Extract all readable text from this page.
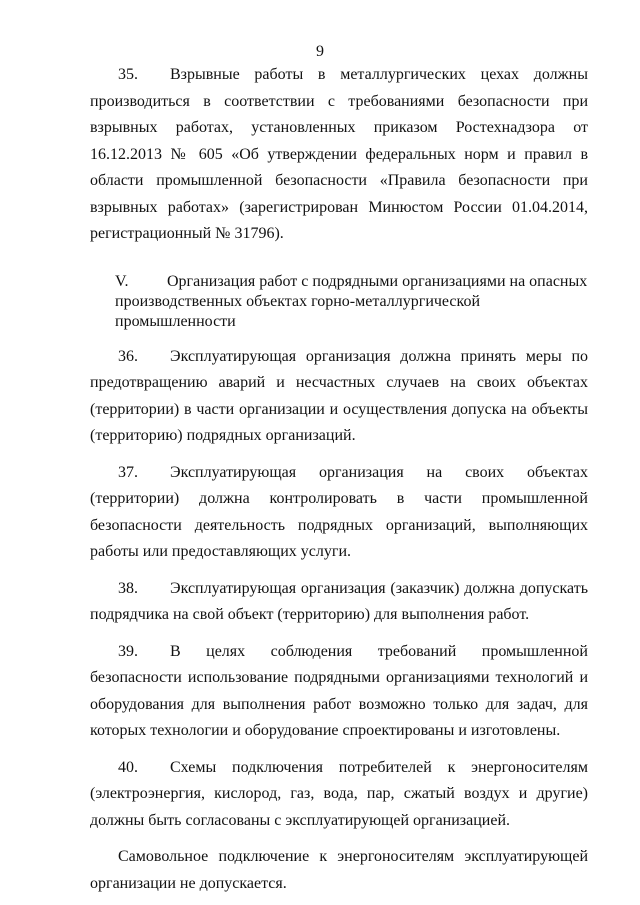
9

35. Взрывные работы в металлургических цехах должны производиться в соответствии с требованиями безопасности при взрывных работах, установленных приказом Ростехнадзора от 16.12.2013 № 605 «Об утверждении федеральных норм и правил в области промышленной безопасности «Правила безопасности при взрывных работах» (зарегистрирован Минюстом России 01.04.2014, регистрационный № 31796).

V. Организация работ с подрядными организациями на опасных
производственных объектах горно-металлургической промышленности

36. Эксплуатирующая организация должна принять меры по предотвращению аварий и несчастных случаев на своих объектах (территории) в части организации и осуществления допуска на объекты (территорию) подрядных организаций.

37. Эксплуатирующая организация на своих объектах (территории) должна контролировать в части промышленной безопасности деятельность подрядных организаций, выполняющих работы или предоставляющих услуги.

38. Эксплуатирующая организация (заказчик) должна допускать подрядчика на свой объект (территорию) для выполнения работ.

39. В целях соблюдения требований промышленной безопасности использование подрядными организациями технологий и оборудования для выполнения работ возможно только для задач, для которых технологии и оборудование спроектированы и изготовлены.

40. Схемы подключения потребителей к энергоносителям (электроэнергия, кислород, газ, вода, пар, сжатый воздух и другие) должны быть согласованы с эксплуатирующей организацией.

Самовольное подключение к энергоносителям эксплуатирующей организации не допускается.
